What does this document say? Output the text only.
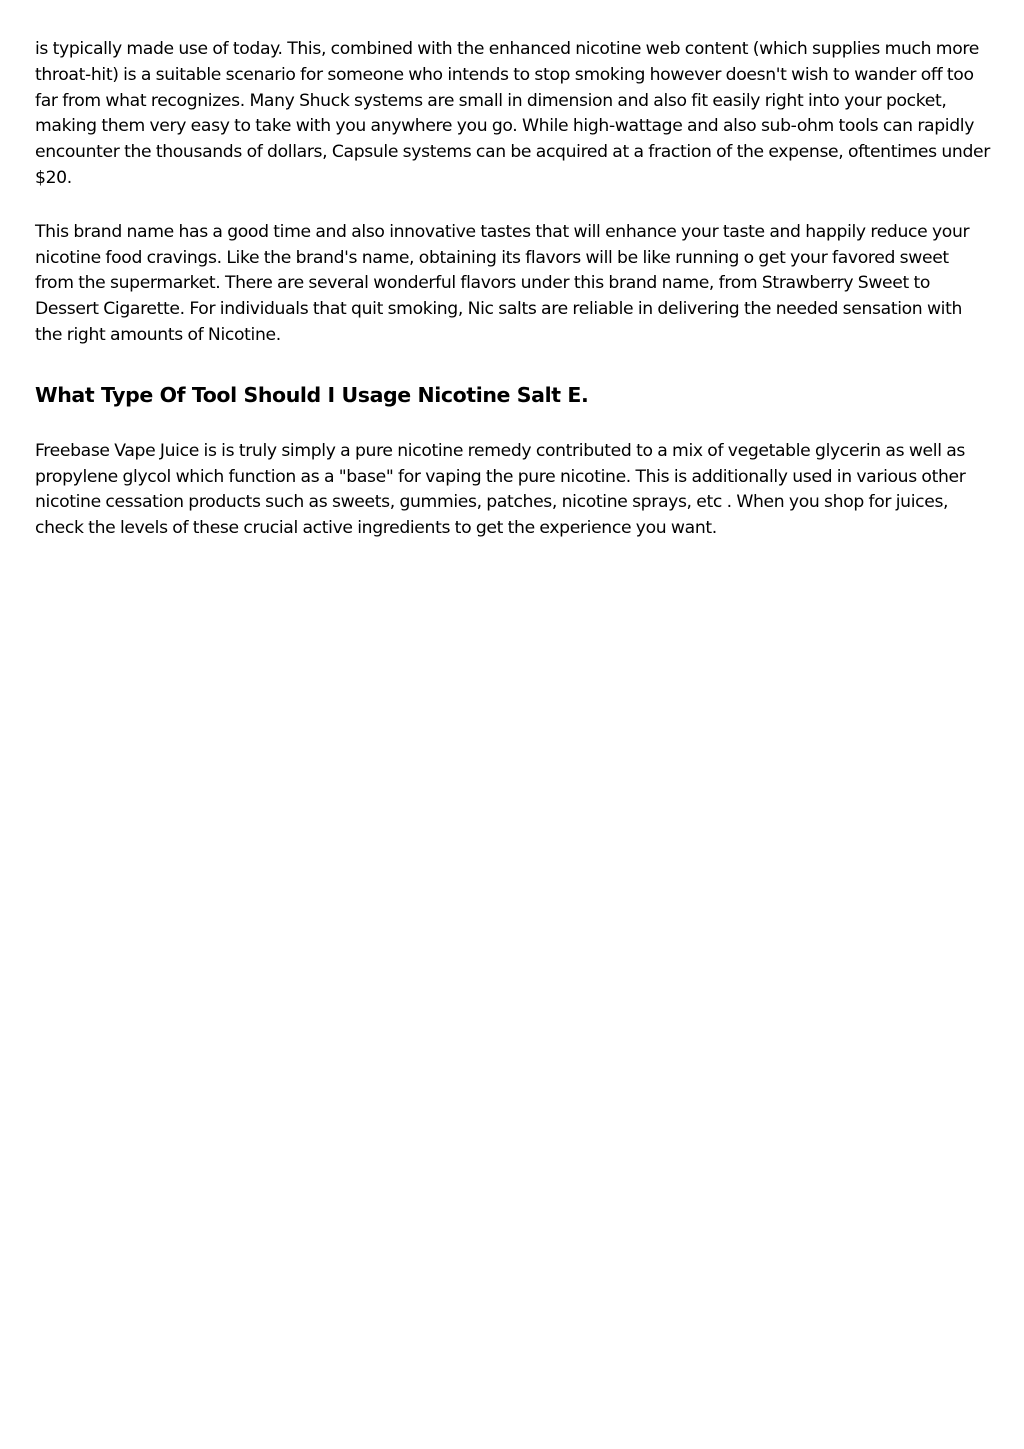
is typically made use of today. This, combined with the enhanced nicotine web content (which supplies much more throat-hit) is a suitable scenario for someone who intends to stop smoking however doesn't wish to wander off too far from what recognizes. Many Shuck systems are small in dimension and also fit easily right into your pocket, making them very easy to take with you anywhere you go. While high-wattage and also sub-ohm tools can rapidly encounter the thousands of dollars, Capsule systems can be acquired at a fraction of the expense, oftentimes under $20.

This brand name has a good time and also innovative tastes that will enhance your taste and happily reduce your nicotine food cravings. Like the brand's name, obtaining its flavors will be like running o get your favored sweet from the supermarket. There are several wonderful flavors under this brand name, from Strawberry Sweet to Dessert Cigarette. For individuals that quit smoking, Nic salts are reliable in delivering the needed sensation with the right amounts of Nicotine.

What Type Of Tool Should I Usage Nicotine Salt E.

Freebase Vape Juice is is truly simply a pure nicotine remedy contributed to a mix of vegetable glycerin as well as propylene glycol which function as a "base" for vaping the pure nicotine. This is additionally used in various other nicotine cessation products such as sweets, gummies, patches, nicotine sprays, etc . When you shop for juices, check the levels of these crucial active ingredients to get the experience you want.
